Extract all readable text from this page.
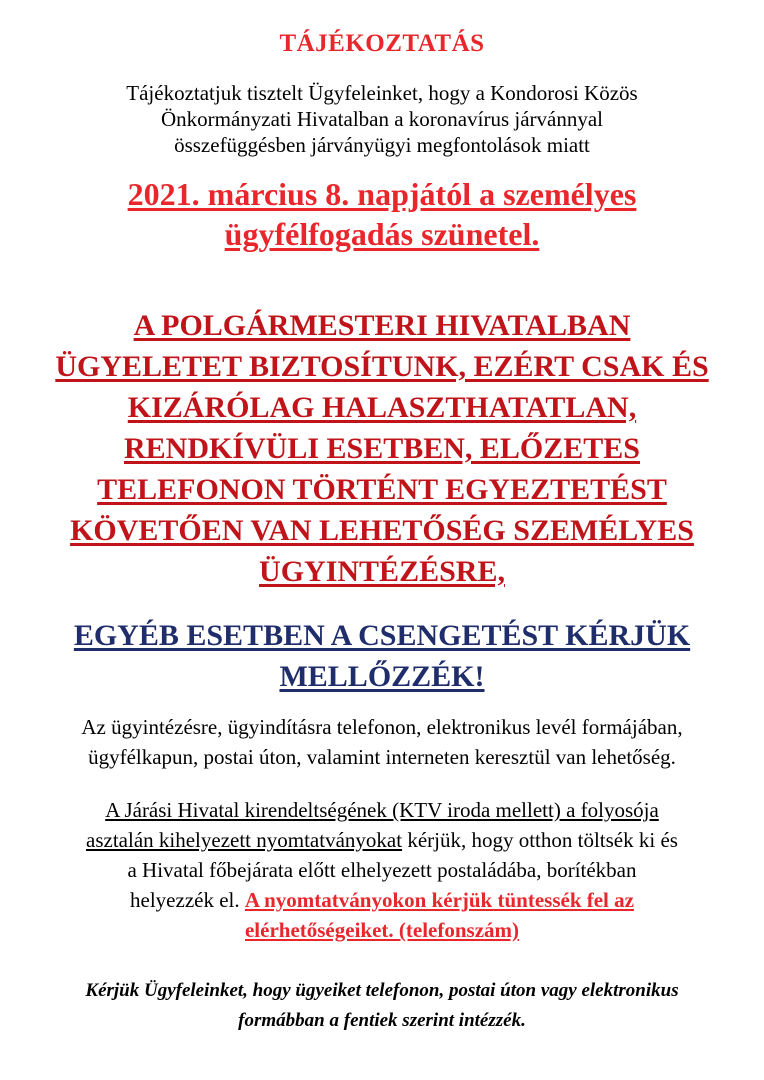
TÁJÉKOZTATÁS

Tájékoztatjuk tisztelt Ügyfeleinket, hogy a Kondorosi Közös
Önkormányzati Hivatalban a koronavírus járvánnyal
összefüggésben járványügyi megfontolások miatt

2021. március 8. napjától a személyes
ügyfélfogadás szünetel.

A POLGÁRMESTERI HIVATALBAN
ÜGYELETET BIZTOSÍTUNK, EZÉRT CSAK ÉS
KIZÁRÓLAG HALASZTHATATLAN,
RENDKÍVÜLI ESETBEN, ELŐZETES
TELEFONON TÖRTÉNT EGYEZTETÉST
KÖVETŐEN VAN LEHETŐSÉG SZEMÉLYES
ÜGYINTÉZÉSRE,

EGYÉB ESETBEN A CSENGETÉST KÉRJÜK
MELLŐZZÉK!

Az ügyintézésre, ügyindításra telefonon, elektronikus levél formájában,
ügyfélkapun, postai úton, valamint interneten keresztül van lehetőség.

A Járási Hivatal kirendeltségének (KTV iroda mellett) a folyosója
asztalán kihelyezett nyomtatványokat kérjük, hogy otthon töltsék ki és
a Hivatal főbejárata előtt elhelyezett postaládába, borítékban
helyezzék el. A nyomtatványokon kérjük tüntessék fel az
elérhetőségeiket. (telefonszám)

Kérjük Ügyfeleinket, hogy ügyeiket telefonon, postai úton vagy elektronikus
formábban a fentiek szerint intézzék.
